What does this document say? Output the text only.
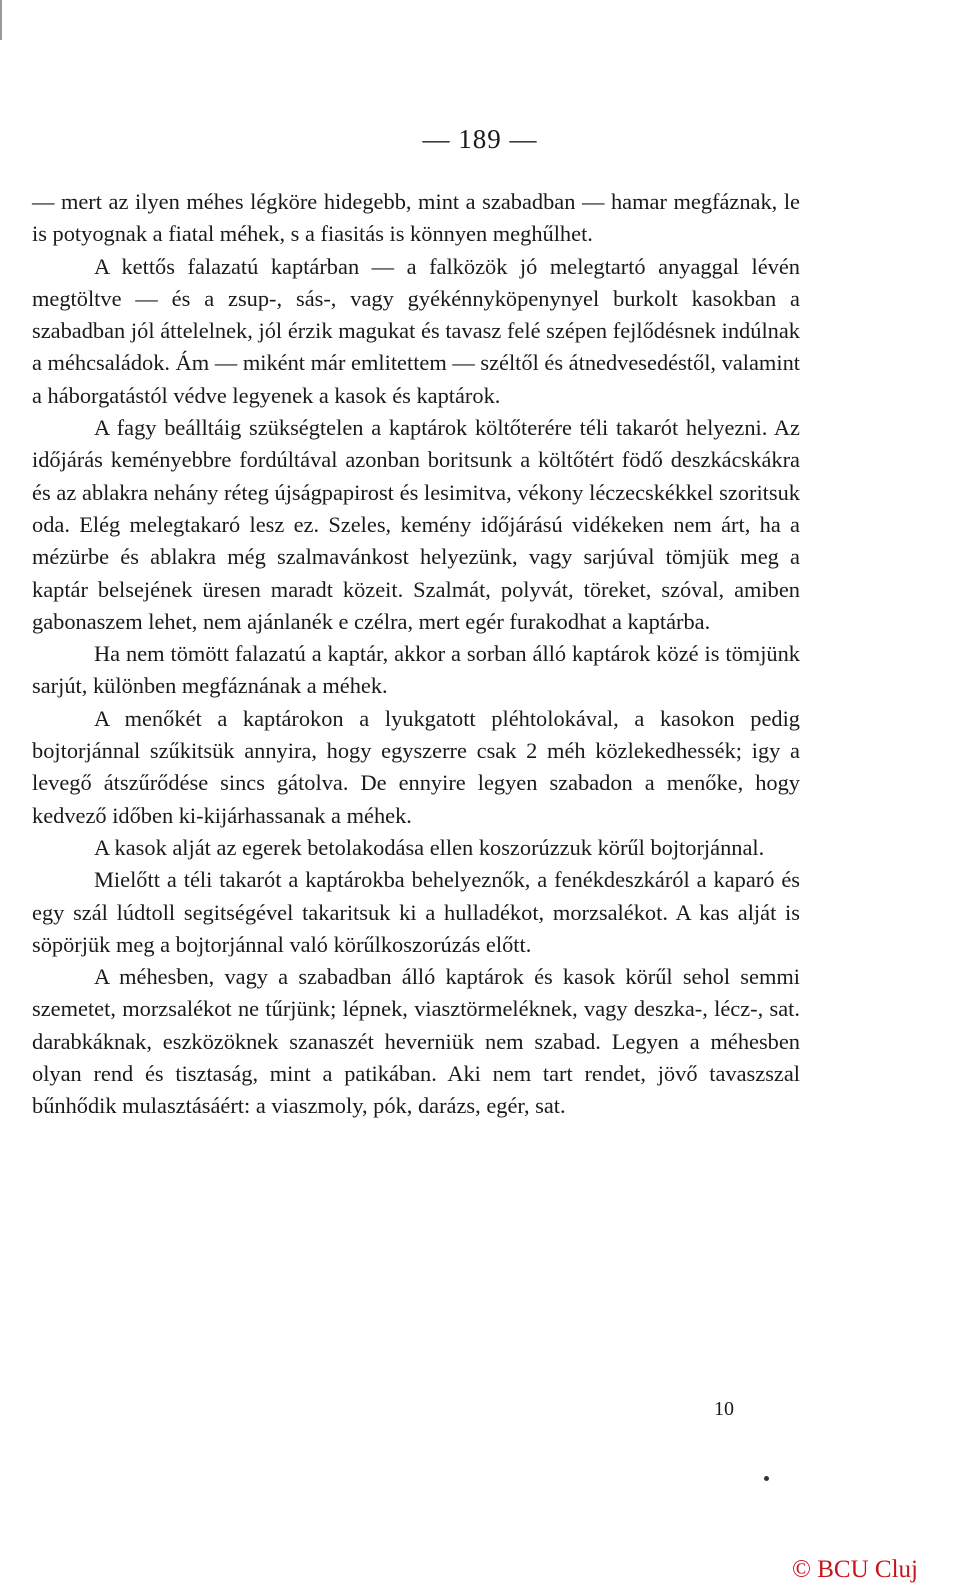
— 189 —

— mert az ilyen méhes légköre hidegebb, mint a szabadban — hamar megfáznak, le is potyognak a fiatal méhek, s a fiasitás is könnyen meghűlhet.

A kettős falazatú kaptárban — a falközök jó melegtartó anyaggal lévén megtöltve — és a zsup-, sás-, vagy gyékénnyköpenynyel burkolt kasokban a szabadban jól áttelelnek, jól érzik magukat és tavasz felé szépen fejlődésnek indúlnak a méhcsaládok. Ám — miként már emlitettem — széltől és átnedvesedéstől, valamint a háborgatástól védve legyenek a kasok és kaptárok.

A fagy beálltáig szükségtelen a kaptárok költőterére téli takarót helyezni. Az időjárás keményebbre fordúltával azonban boritsunk a költőtért födő deszkácskákra és az ablakra nehány réteg újságpapirost és lesimitva, vékony léczecskékkel szoritsuk oda. Elég melegtakaró lesz ez. Szeles, kemény időjárású vidékeken nem árt, ha a mézürbe és ablakra még szalmavánkost helyezünk, vagy sarjúval tömjük meg a kaptár belsejének üresen maradt közeit. Szalmát, polyvát, töreket, szóval, amiben gabonaszem lehet, nem ajánlanék e czélra, mert egér furakodhat a kaptárba.

Ha nem tömött falazatú a kaptár, akkor a sorban álló kaptárok közé is tömjünk sarjút, különben megfáznának a méhek.

A menőkét a kaptárokon a lyukgatott pléhtolokával, a kasokon pedig bojtorjánnal szűkitsük annyira, hogy egyszerre csak 2 méh közlekedhessék; igy a levegő átszűrődése sincs gátolva. De ennyire legyen szabadon a menőke, hogy kedvező időben ki-kijárhassanak a méhek.

A kasok alját az egerek betolakodása ellen koszorúzzuk körűl bojtorjánnal.

Mielőtt a téli takarót a kaptárokba behelyeznők, a fenékdeszkáról a kaparó és egy szál lúdtoll segitségével takaritsuk ki a hulladékot, morzsalékot. A kas alját is söpörjük meg a bojtorjánnal való körűlkoszorúzás előtt.

A méhesben, vagy a szabadban álló kaptárok és kasok körűl sehol semmi szemetet, morzsalékot ne tűrjünk; lépnek, viasztörmeléknek, vagy deszka-, lécz-, sat. darabkáknak, eszközöknek szanaszét heverniük nem szabad. Legyen a méhesben olyan rend és tisztaság, mint a patikában. Aki nem tart rendet, jövő tavaszszal bűnhődik mulasztásáért: a viaszmoly, pók, darázs, egér, sat.

10
© BCU Cluj
